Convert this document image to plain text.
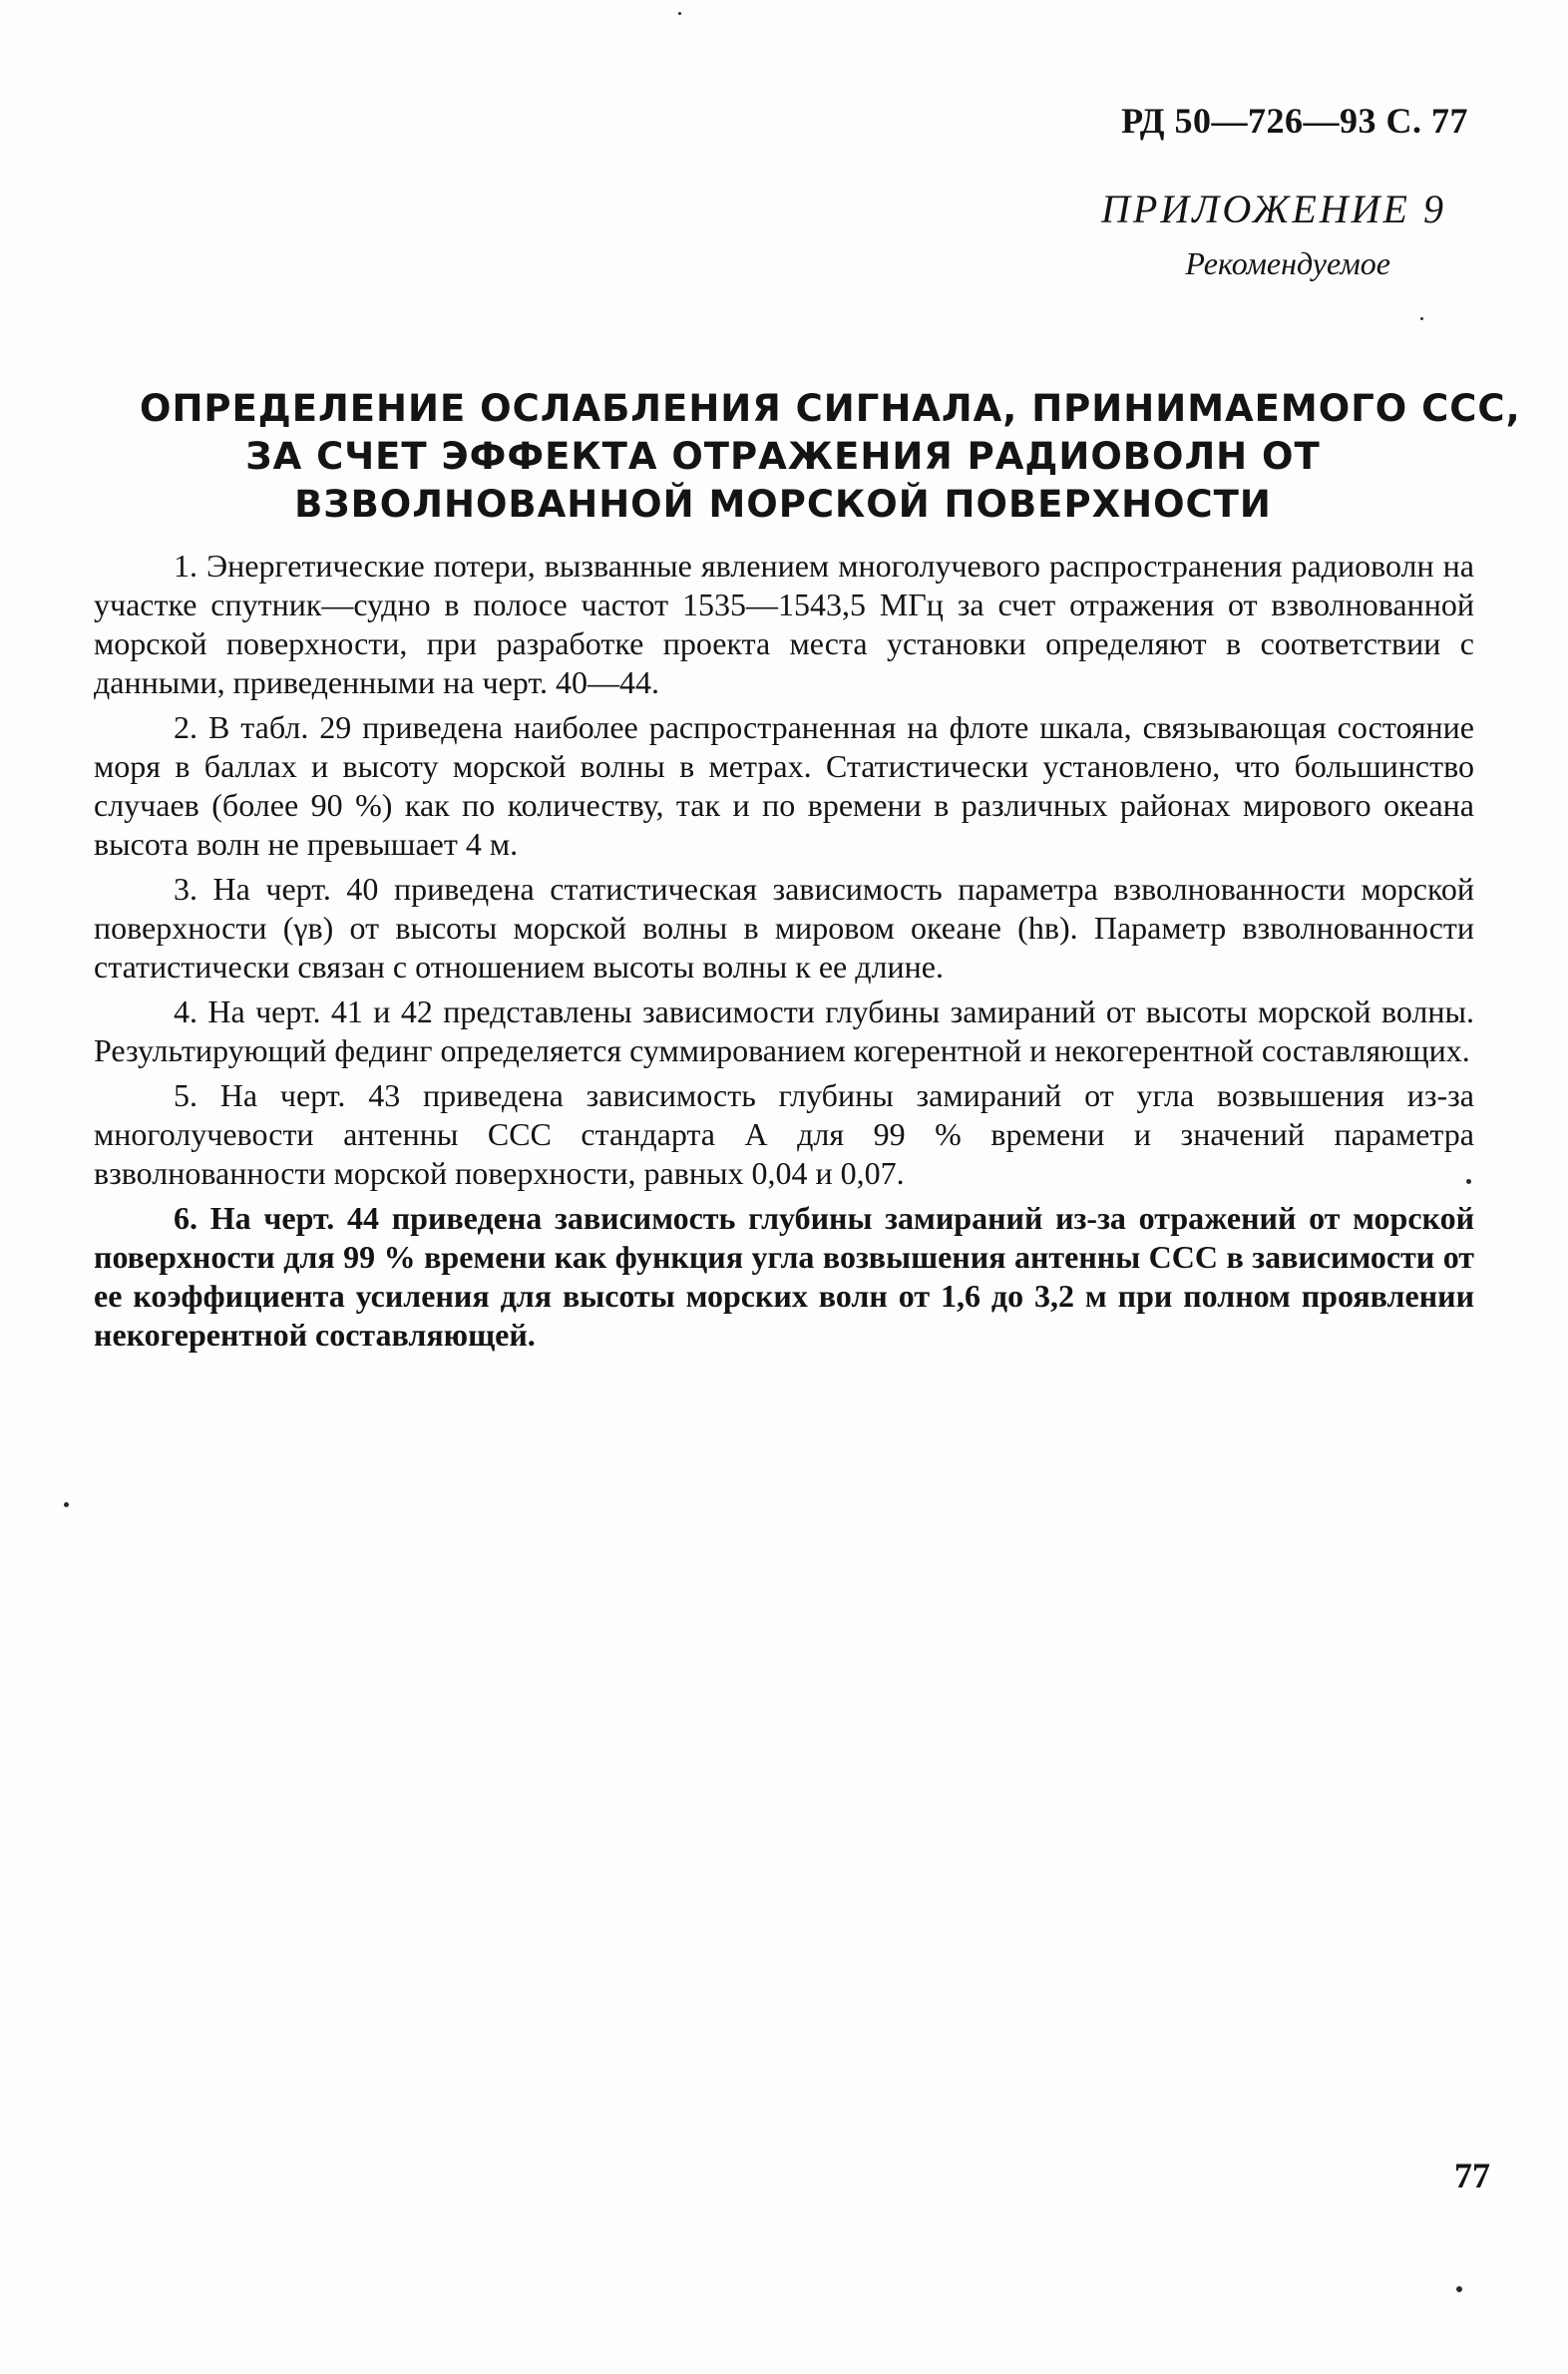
РД 50—726—93 С. 77
ПРИЛОЖЕНИЕ 9
Рекомендуемое
ОПРЕДЕЛЕНИЕ ОСЛАБЛЕНИЯ СИГНАЛА, ПРИНИМАЕМОГО ССС,
ЗА СЧЕТ ЭФФЕКТА ОТРАЖЕНИЯ РАДИОВОЛН ОТ
ВЗВОЛНОВАННОЙ МОРСКОЙ ПОВЕРХНОСТИ

1. Энергетические потери, вызванные явлением многолучевого распространения радиоволн на участке спутник—судно в полосе частот 1535—1543,5 МГц за счет отражения от взволнованной морской поверхности, при разработке проекта места установки определяют в соответствии с данными, приведенными на черт. 40—44.

2. В табл. 29 приведена наиболее распространенная на флоте шкала, связывающая состояние моря в баллах и высоту морской волны в метрах. Статистически установлено, что большинство случаев (более 90 %) как по количеству, так и по времени в различных районах мирового океана высота волн не превышает 4 м.

3. На черт. 40 приведена статистическая зависимость параметра взволнованности морской поверхности (γв) от высоты морской волны в мировом океане (hв). Параметр взволнованности статистически связан с отношением высоты волны к ее длине.

4. На черт. 41 и 42 представлены зависимости глубины замираний от высоты морской волны. Результирующий фединг определяется суммированием когерентной и некогерентной составляющих.

5. На черт. 43 приведена зависимость глубины замираний от угла возвышения из-за многолучевости антенны ССС стандарта А для 99 % времени и значений параметра взволнованности морской поверхности, равных 0,04 и 0,07.

6. На черт. 44 приведена зависимость глубины замираний из-за отражений от морской поверхности для 99 % времени как функция угла возвышения антенны ССС в зависимости от ее коэффициента усиления для высоты морских волн от 1,6 до 3,2 м при полном проявлении некогерентной составляющей.

77
